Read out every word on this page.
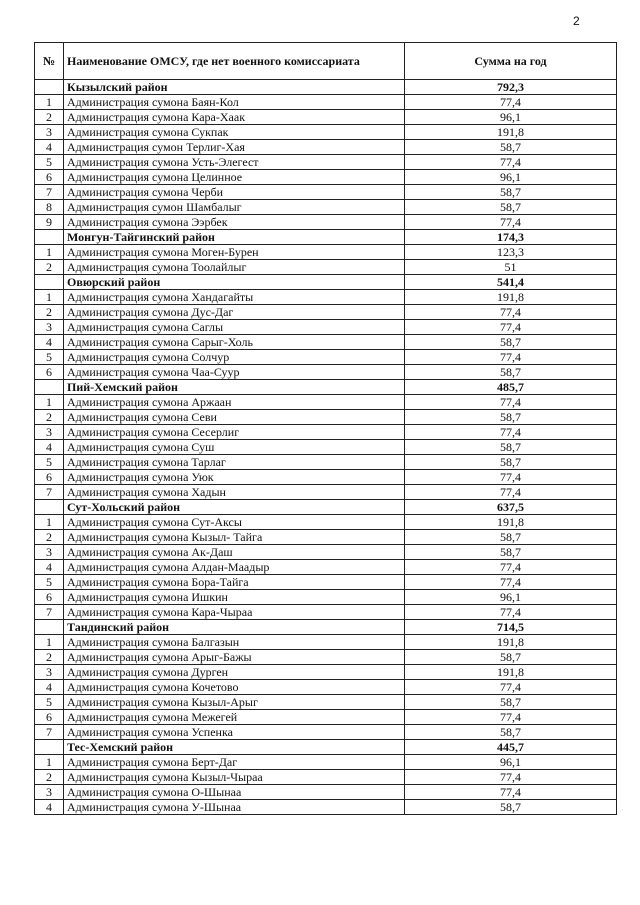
2
№	Наименование ОМСУ, где нет военного комиссариата	Сумма на год
	Кызылский район	792,3
1	Администрация сумона Баян-Кол	77,4
2	Администрация сумона Кара-Хаак	96,1
3	Администрация сумона Сукпак	191,8
4	Администрация сумон Терлиг-Хая	58,7
5	Администрация сумона Усть-Элегест	77,4
6	Администрация сумона Целинное	96,1
7	Администрация сумона Черби	58,7
8	Администрация сумон Шамбалыг	58,7
9	Администрация сумона Ээрбек	77,4
	Монгун-Тайгинский район	174,3
1	Администрация сумона Моген-Бурен	123,3
2	Администрация сумона Тоолайлыг	51
	Овюрский район	541,4
1	Администрация сумона Хандагайты	191,8
2	Администрация сумона Дус-Даг	77,4
3	Администрация сумона Саглы	77,4
4	Администрация сумона Сарыг-Холь	58,7
5	Администрация сумона Солчур	77,4
6	Администрация сумона Чаа-Суур	58,7
	Пий-Хемский район	485,7
1	Администрация сумона Аржаан	77,4
2	Администрация сумона Севи	58,7
3	Администрация сумона Сесерлиг	77,4
4	Администрация сумона Суш	58,7
5	Администрация сумона Тарлаг	58,7
6	Администрация сумона Уюк	77,4
7	Администрация сумона Хадын	77,4
	Сут-Хольский район	637,5
1	Администрация сумона Сут-Аксы	191,8
2	Администрация сумона Кызыл- Тайга	58,7
3	Администрация сумона Ак-Даш	58,7
4	Администрация сумона Алдан-Маадыр	77,4
5	Администрация сумона Бора-Тайга	77,4
6	Администрация сумона Ишкин	96,1
7	Администрация сумона Кара-Чыраа	77,4
	Тандинский район	714,5
1	Администрация сумона Балгазын	191,8
2	Администрация сумона Арыг-Бажы	58,7
3	Администрация сумона Дурген	191,8
4	Администрация сумона Кочетово	77,4
5	Администрация сумона Кызыл-Арыг	58,7
6	Администрация сумона Межегей	77,4
7	Администрация сумона Успенка	58,7
	Тес-Хемский район	445,7
1	Администрация сумона Берт-Даг	96,1
2	Администрация сумона Кызыл-Чыраа	77,4
3	Администрация сумона О-Шынаа	77,4
4	Администрация сумона У-Шынаа	58,7
